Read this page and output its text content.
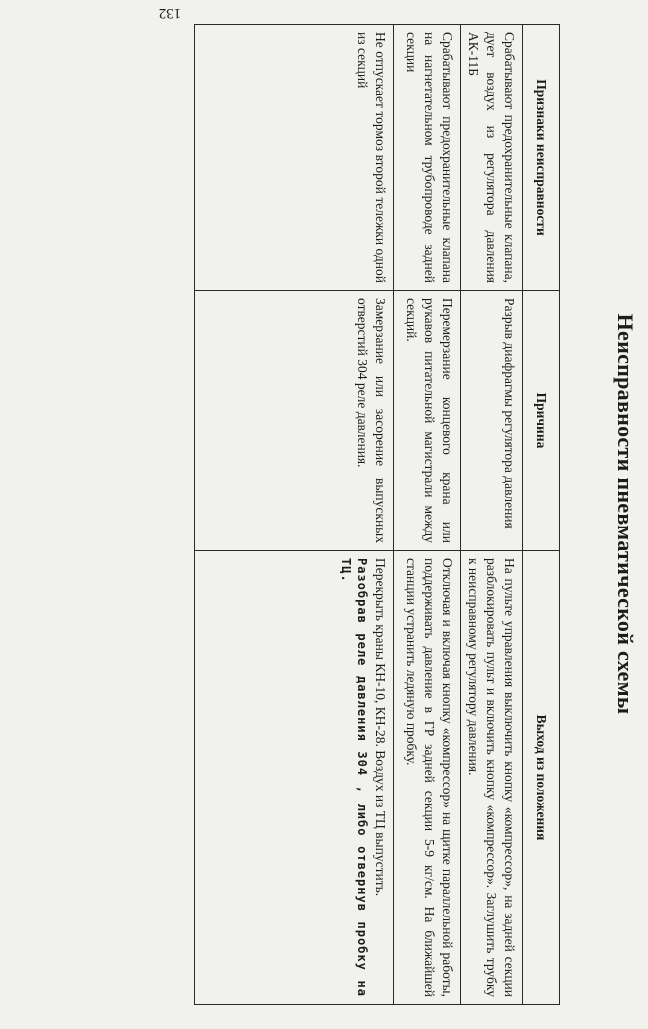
132
Неисправности пневматической схемы
Признаки неисправности	Причина	Выход из положения
Срабатывают предохранительные клапана, дует воздух из регулятора давления АК-11Б	Разрыв диафрагмы регулятора давления	На пульте управления выключить кнопку «компрессор», на задней секции разблокировать пульт и включить кнопку «компрессор». Заглушить трубку к неисправному регулятору давления.
Срабатывают предохранительные клапана на нагнетательном трубопроводе задней секции	Перемерзание концевого крана или рукавов питательной магистрали между секций.	Отключая и включая кнопку «компрессор» на щитке параллельной работы, поддерживать давление в ГР задней секции 5-9 кг/см. На ближайшей станции устранить ледяную пробку.
Не отпускает тормоз второй тележки одной из секций	Замерзание или засорение выпускных отверстий 304 реле давления.	Перекрыть краны КН-10, КН-28. Воздух из ТЦ выпустить.
Разобрав реле давления 304 , либо отвернув пробку на ТЦ.
